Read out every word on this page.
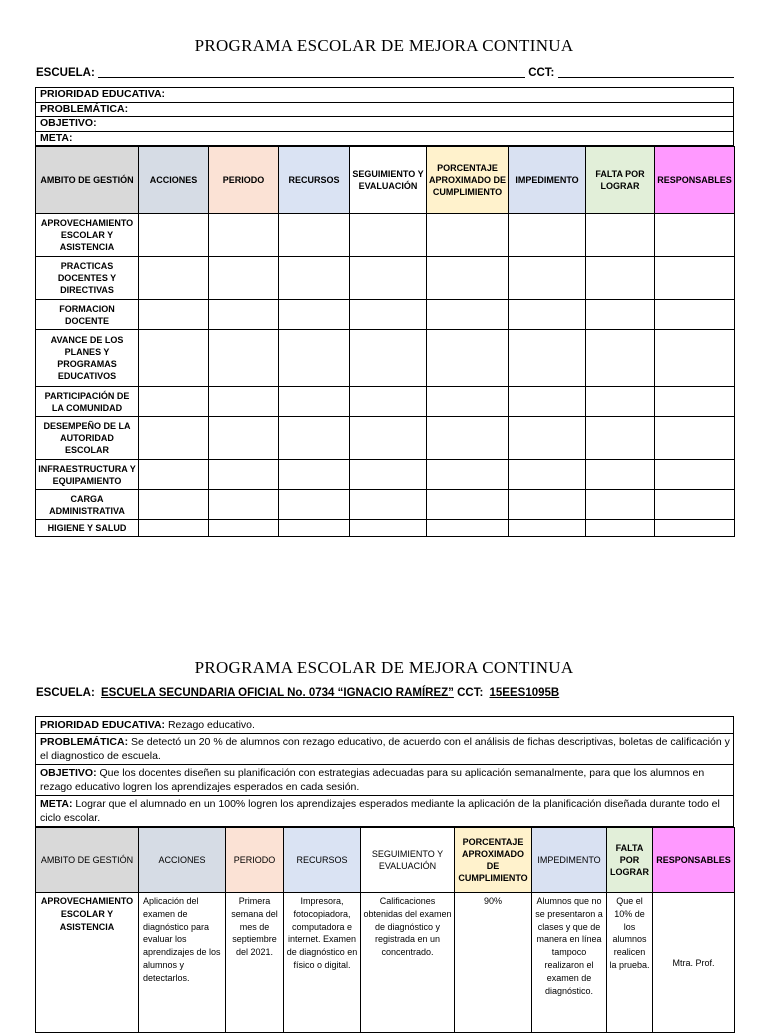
PROGRAMA ESCOLAR DE MEJORA CONTINUA
ESCUELA:	CCT:
PRIORIDAD EDUCATIVA:
PROBLEMÁTICA:
OBJETIVO:
META:
AMBITO DE GESTIÓN	ACCIONES	PERIODO	RECURSOS	SEGUIMIENTO Y EVALUACIÓN	PORCENTAJE APROXIMADO DE CUMPLIMIENTO	IMPEDIMENTO	FALTA POR LOGRAR	RESPONSABLES
APROVECHAMIENTO ESCOLAR Y ASISTENCIA								
PRACTICAS DOCENTES Y DIRECTIVAS								
FORMACION DOCENTE								
AVANCE DE LOS PLANES Y PROGRAMAS EDUCATIVOS								
PARTICIPACIÓN DE LA COMUNIDAD								
DESEMPEÑO DE LA AUTORIDAD ESCOLAR								
INFRAESTRUCTURA Y EQUIPAMIENTO								
CARGA ADMINISTRATIVA								
HIGIENE Y SALUD								
PROGRAMA ESCOLAR DE MEJORA CONTINUA
ESCUELA: ESCUELA SECUNDARIA OFICIAL No. 0734 “IGNACIO RAMÍREZ” CCT: 15EES1095B
PRIORIDAD EDUCATIVA: Rezago educativo.
PROBLEMÁTICA: Se detectó un 20 % de alumnos con rezago educativo, de acuerdo con el análisis de fichas descriptivas, boletas de calificación y el diagnostico de escuela.
OBJETIVO: Que los docentes diseñen su planificación con estrategias adecuadas para su aplicación semanalmente, para que los alumnos en rezago educativo logren los aprendizajes esperados en cada sesión.
META: Lograr que el alumnado en un 100% logren los aprendizajes esperados mediante la aplicación de la planificación diseñada durante todo el ciclo escolar.
AMBITO DE GESTIÓN	ACCIONES	PERIODO	RECURSOS	SEGUIMIENTO Y EVALUACIÓN	PORCENTAJE APROXIMADO DE CUMPLIMIENTO	IMPEDIMENTO	FALTA POR LOGRAR	RESPONSABLES
APROVECHAMIENTO ESCOLAR Y ASISTENCIA	Aplicación del examen de diagnóstico para evaluar los aprendizajes de los alumnos y detectarlos.	Primera semana del mes de septiembre del 2021.	Impresora, fotocopiadora, computadora e internet. Examen de diagnóstico en físico o digital.	Calificaciones obtenidas del examen de diagnóstico y registrada en un concentrado.	90%	Alumnos que no se presentaron a clases y que de manera en línea tampoco realizaron el examen de diagnóstico.	Que el 10% de los alumnos realicen la prueba.	Mtra. Prof.
